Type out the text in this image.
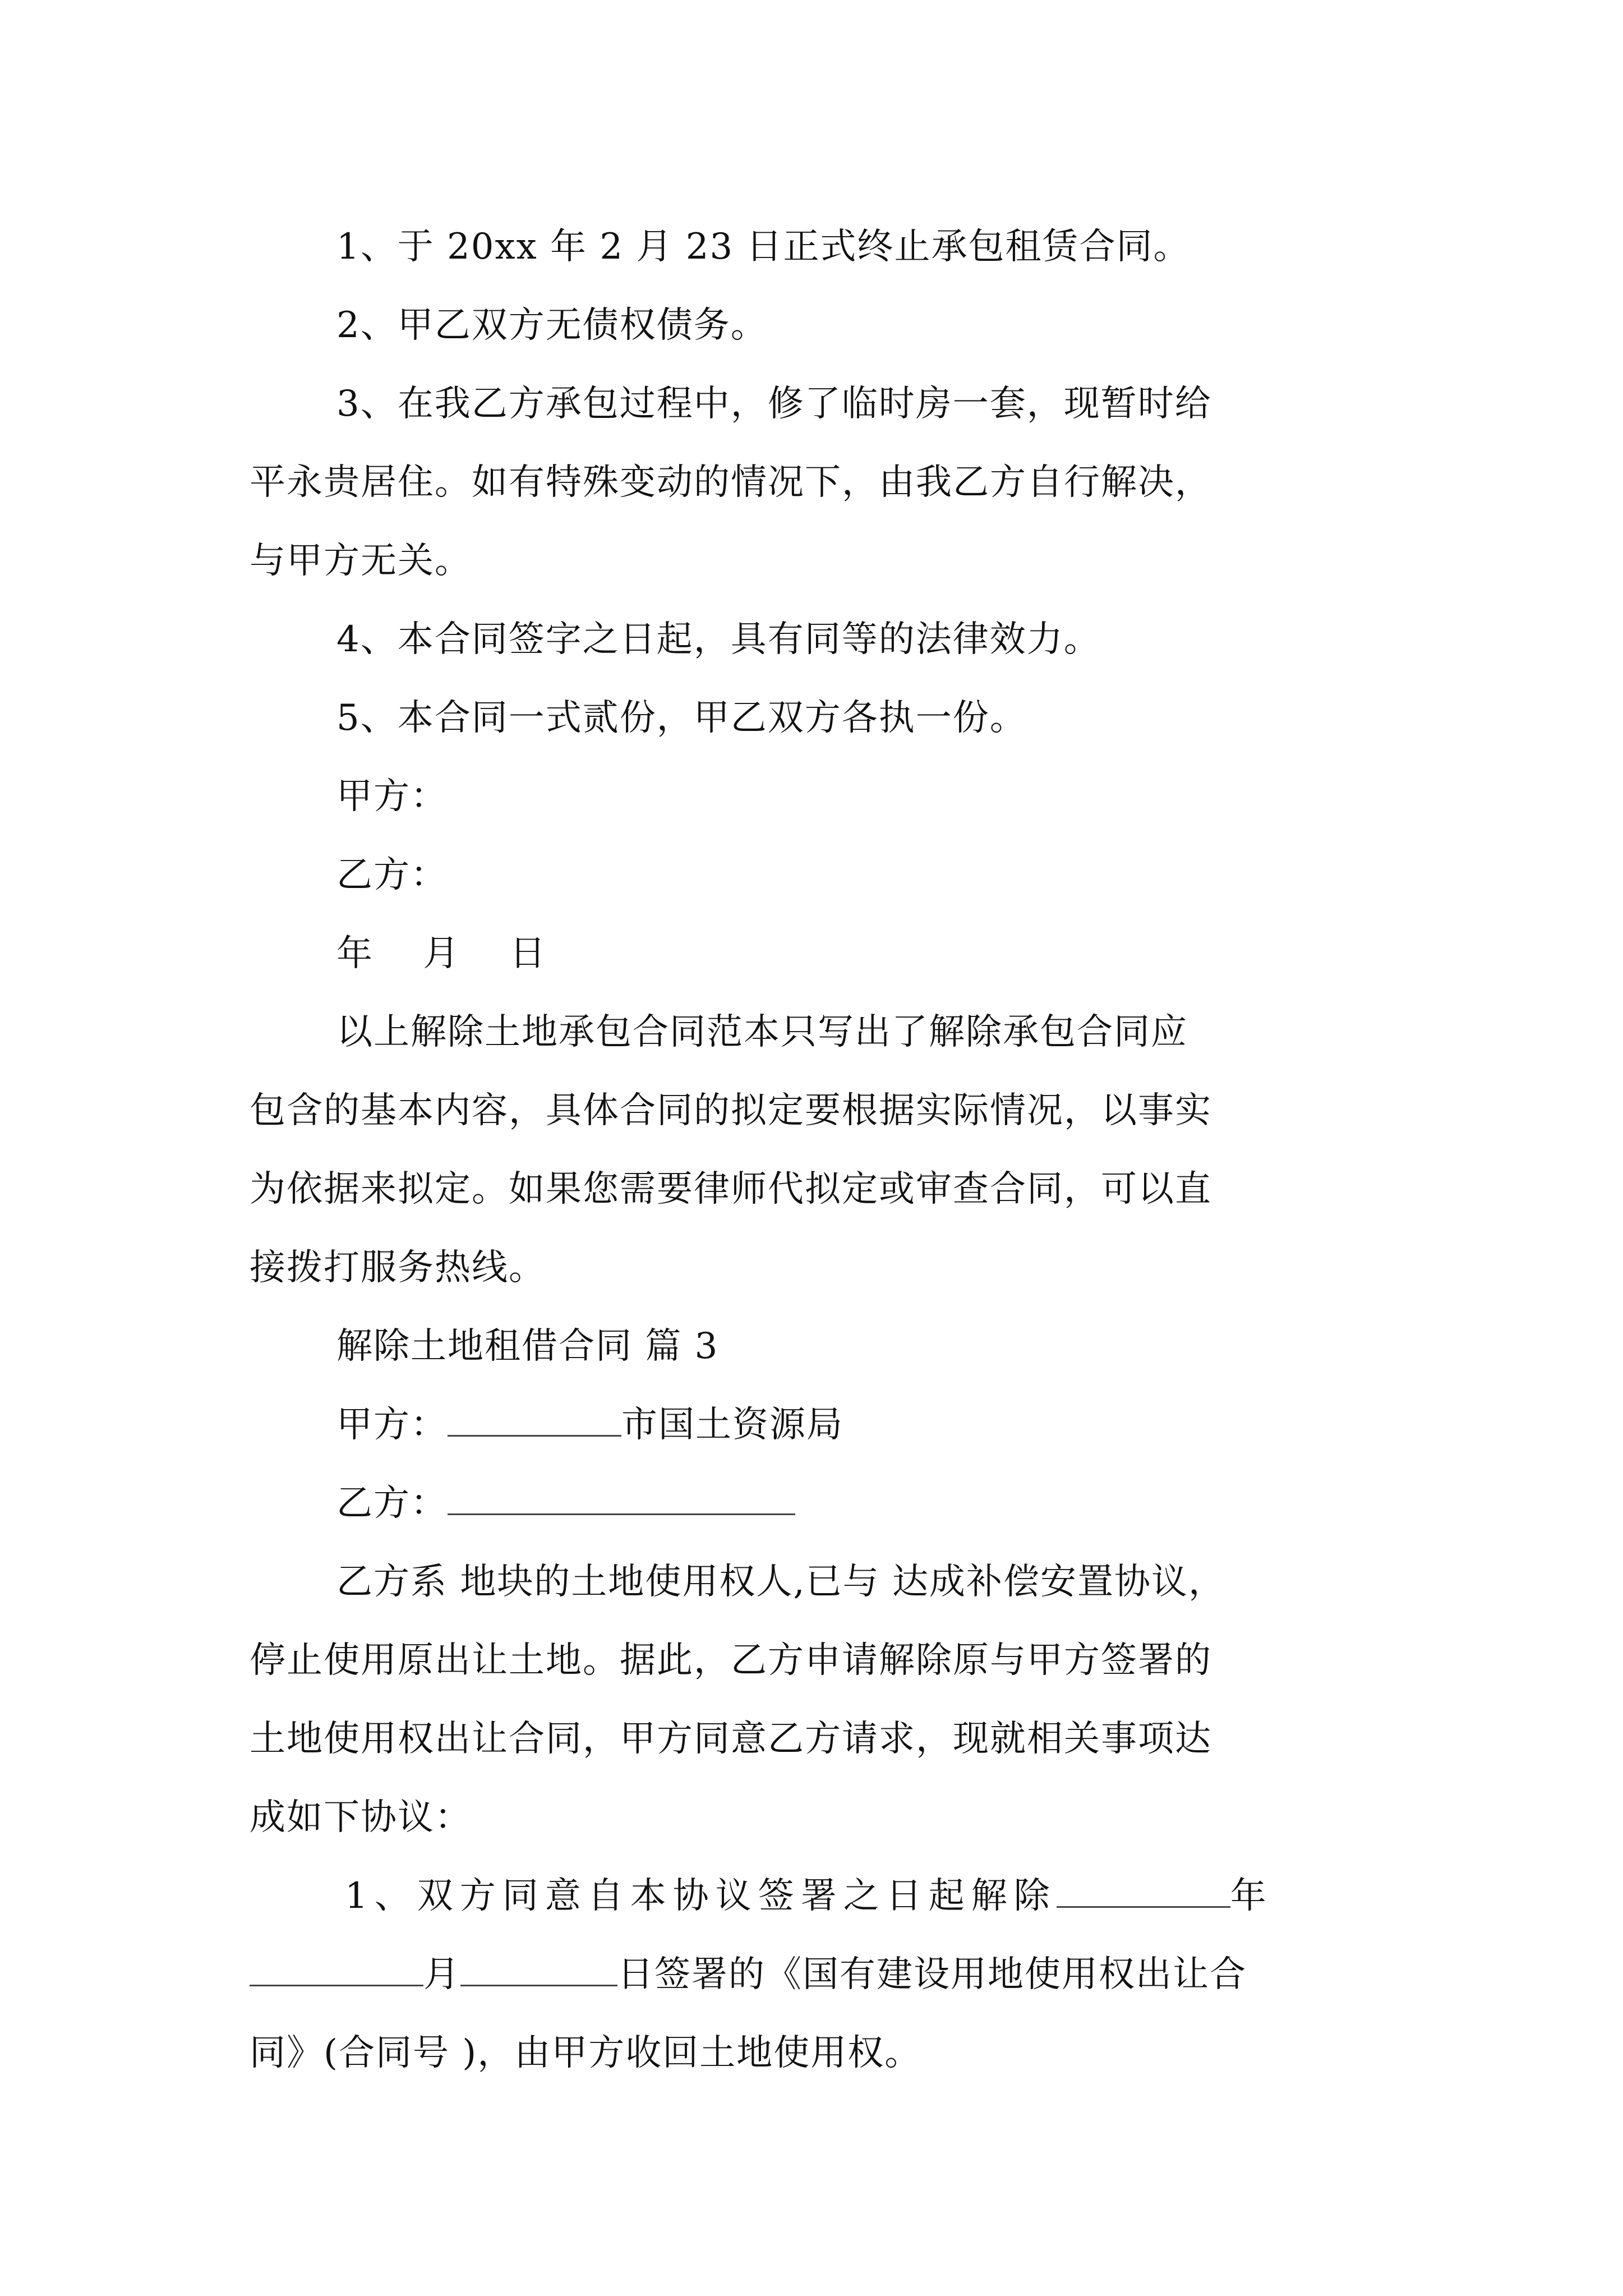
1、于 20xx 年 2 月 23 日正式终止承包租赁合同。
2、甲乙双方无债权债务。
3、在我乙方承包过程中，修了临时房一套，现暂时给
平永贵居住。如有特殊变动的情况下，由我乙方自行解决，
与甲方无关。
4、本合同签字之日起，具有同等的法律效力。
5、本合同一式贰份，甲乙双方各执一份。
甲方：
乙方：
年　 月　 日
以上解除土地承包合同范本只写出了解除承包合同应
包含的基本内容，具体合同的拟定要根据实际情况，以事实
为依据来拟定。如果您需要律师代拟定或审查合同，可以直
接拨打服务热线。
解除土地租借合同 篇 3
甲方：	市国土资源局
乙方：
乙方系 地块的土地使用权人,已与 达成补偿安置协议，
停止使用原出让土地。据此，乙方申请解除原与甲方签署的
土地使用权出让合同，甲方同意乙方请求，现就相关事项达
成如下协议：
1、双方同意自本协议签署之日起解除	年
月	日签署的《国有建设用地使用权出让合
同》(合同号 )，由甲方收回土地使用权。
